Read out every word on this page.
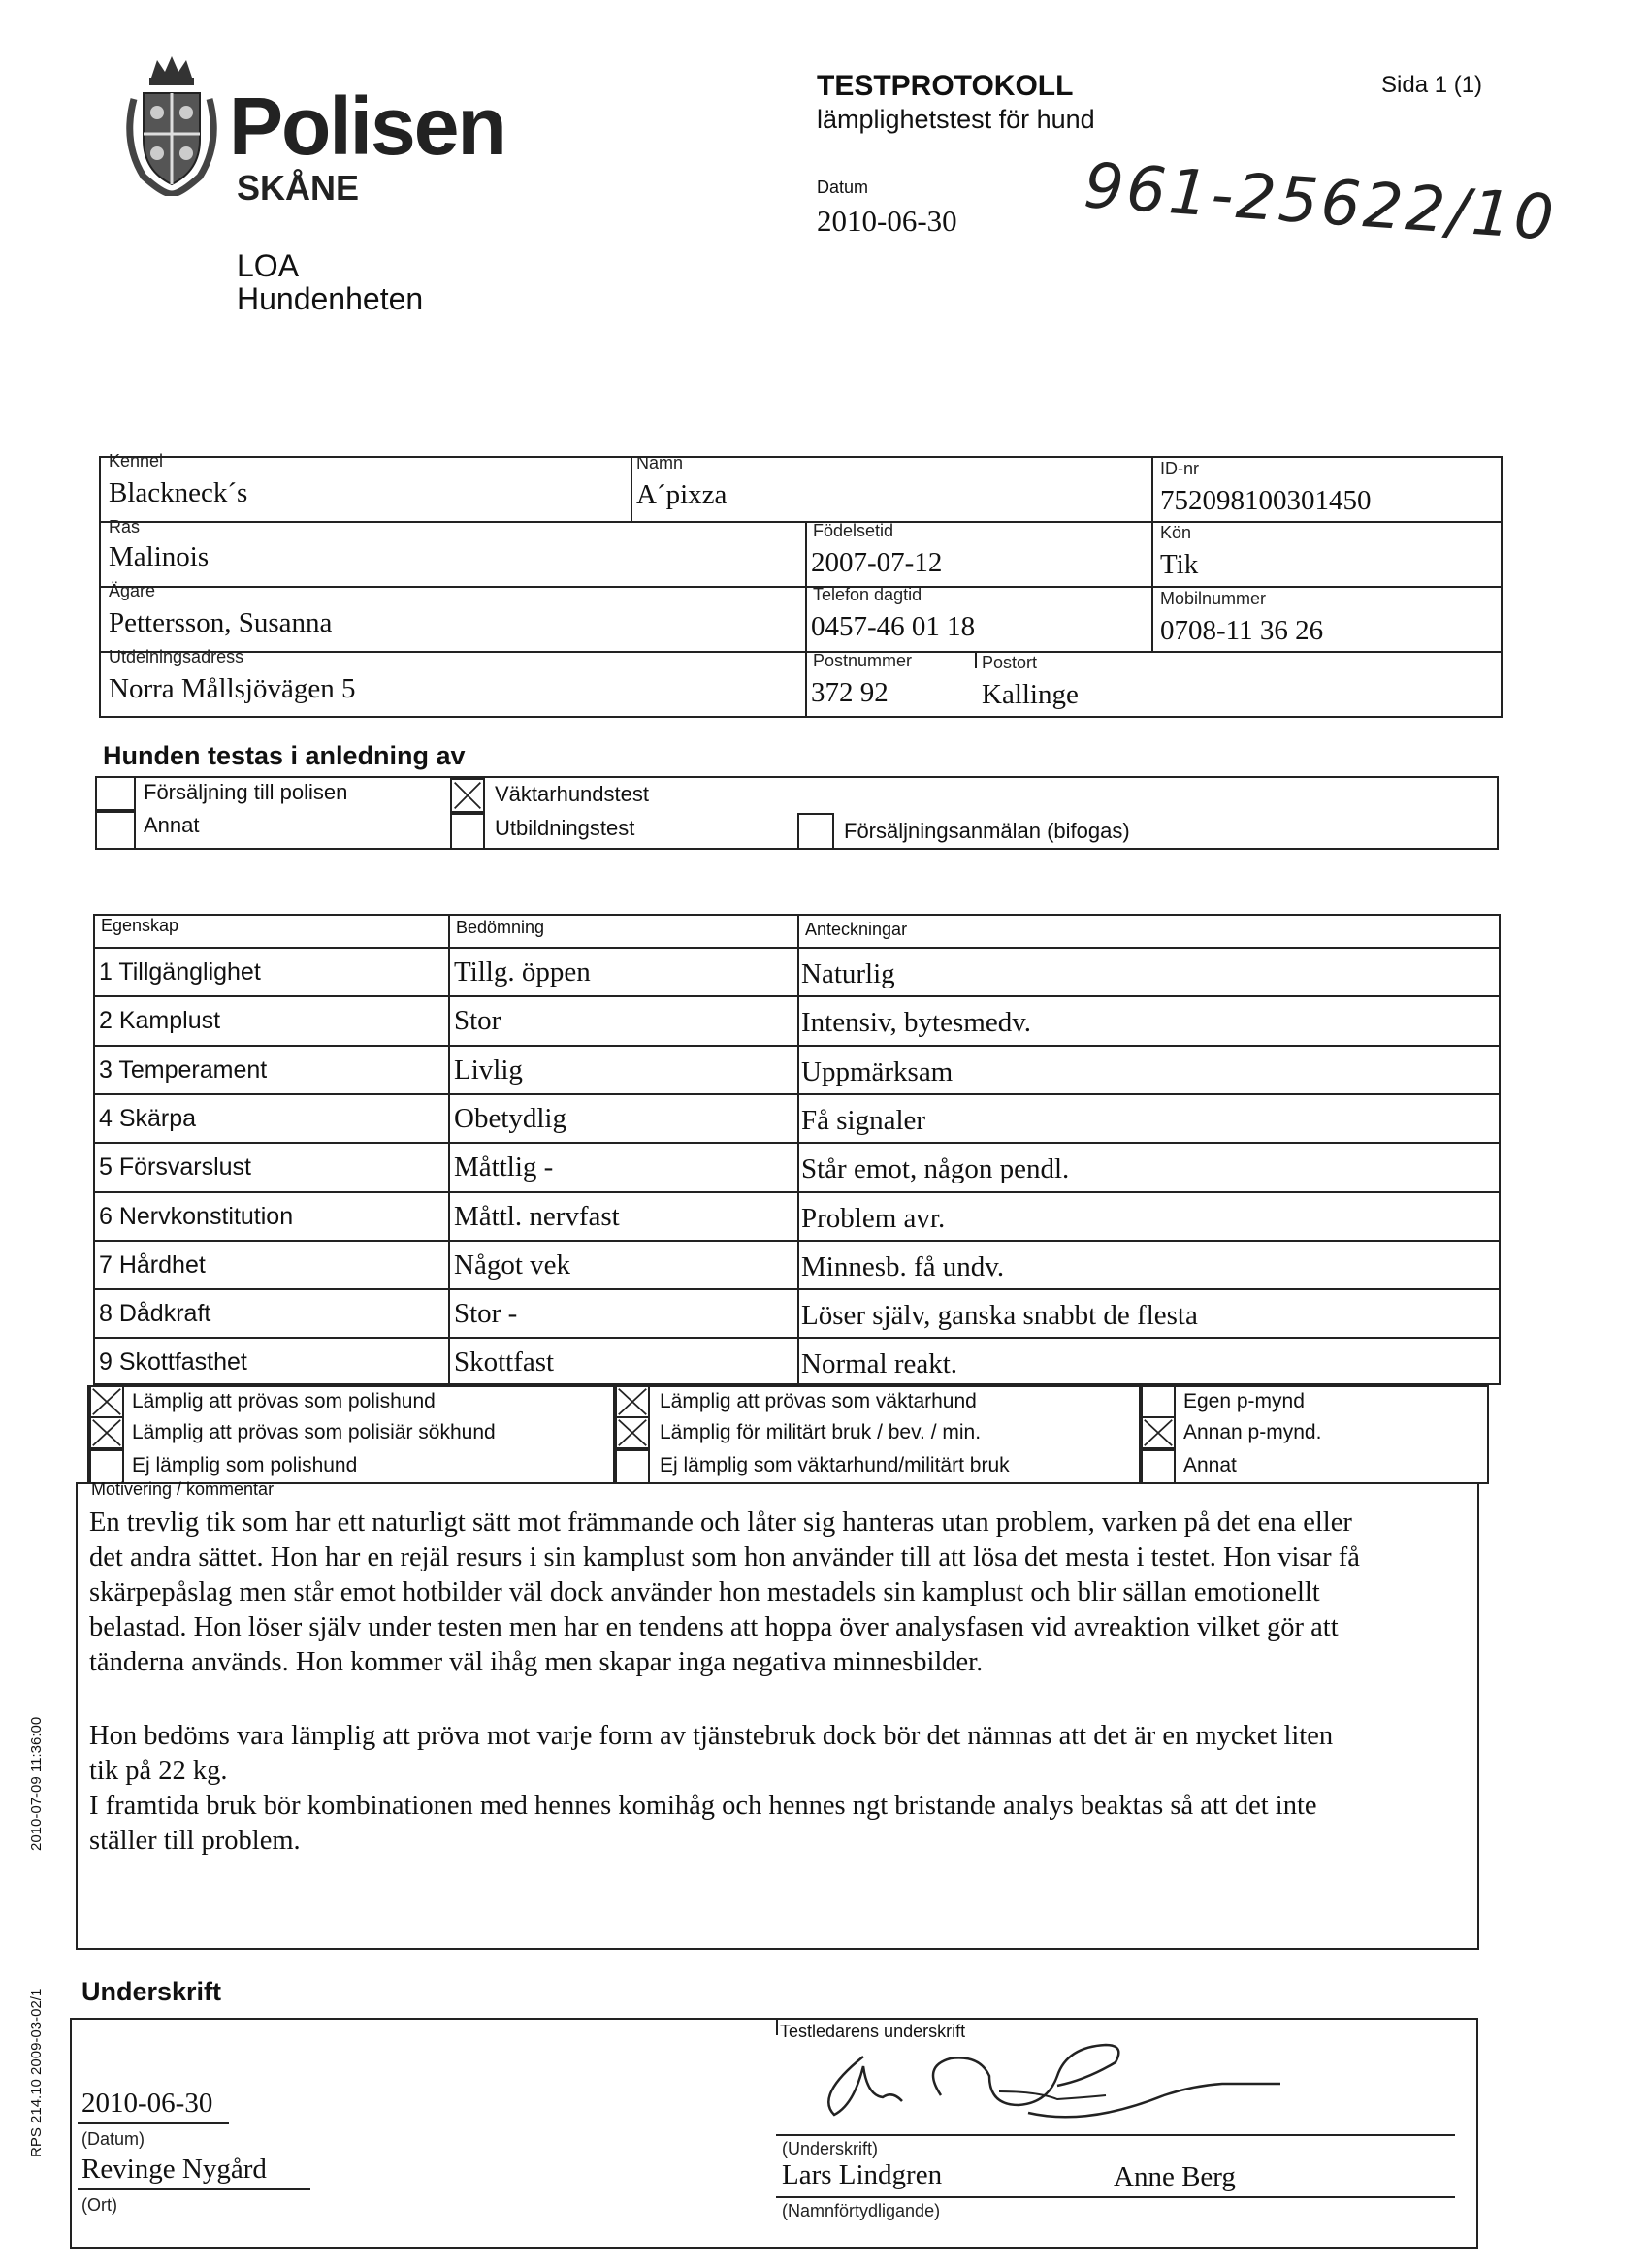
Polisen
SKÅNE
LOA
Hundenheten
TESTPROTOKOLL
lämplighetstest för hund
Sida 1 (1)
Datum
2010-06-30 961-25622/10
Kennel
Blackneck´s
Namn
A´pixza
ID-nr
752098100301450
Ras
Malinois
Födelsetid
2007-07-12
Kön
Tik
Ägare
Pettersson, Susanna
Telefon dagtid
0457-46 01 18
Mobilnummer
0708-11 36 26
Utdelningsadress
Norra Mållsjövägen 5
Postnummer
372 92
Postort
Kallinge
Hunden testas i anledning av
Försäljning till polisen
Annat
Väktarhundstest
Utbildningstest	Försäljningsanmälan (bifogas)
Egenskap	Bedömning	Anteckningar
1 Tillgänglighet	Tillg. öppen	Naturlig
2 Kamplust	Stor	Intensiv, bytesmedv.
3 Temperament	Livlig	Uppmärksam
4 Skärpa	Obetydlig	Få signaler
5 Försvarslust	Måttlig -	Står emot, någon pendl.
6 Nervkonstitution	Måttl. nervfast	Problem avr.
7 Hårdhet	Något vek	Minnesb. få undv.
8 Dådkraft	Stor -	Löser själv, ganska snabbt de flesta
9 Skottfasthet	Skottfast	Normal reakt.
Lämplig att prövas som polishund
Lämplig att prövas som polisiär sökhund
Ej lämplig som polishund
Lämplig att prövas som väktarhund
Lämplig för militärt bruk / bev. / min.
Ej lämplig som väktarhund/militärt bruk
Egen p-mynd
Annan p-mynd.
Annat
Motivering / kommentar
En trevlig tik som har ett naturligt sätt mot främmande och låter sig hanteras utan problem, varken på det ena eller
det andra sättet. Hon har en rejäl resurs i sin kamplust som hon använder till att lösa det mesta i testet. Hon visar få
skärpepåslag men står emot hotbilder väl dock använder hon mestadels sin kamplust och blir sällan emotionellt
belastad. Hon löser själv under testen men har en tendens att hoppa över analysfasen vid avreaktion vilket gör att
tänderna används. Hon kommer väl ihåg men skapar inga negativa minnesbilder.
Hon bedöms vara lämplig att pröva mot varje form av tjänstebruk dock bör det nämnas att det är en mycket liten
tik på 22 kg.
I framtida bruk bör kombinationen med hennes komihåg och hennes ngt bristande analys beaktas så att det inte
ställer till problem.
Underskrift
Testledarens underskrift
2010-06-30
(Datum)
Revinge Nygård
(Ort)
(Underskrift)
Lars Lindgren	Anne Berg
(Namnförtydligande)
2010-07-09 11:36:00
RPS 214.10 2009-03-02/1
